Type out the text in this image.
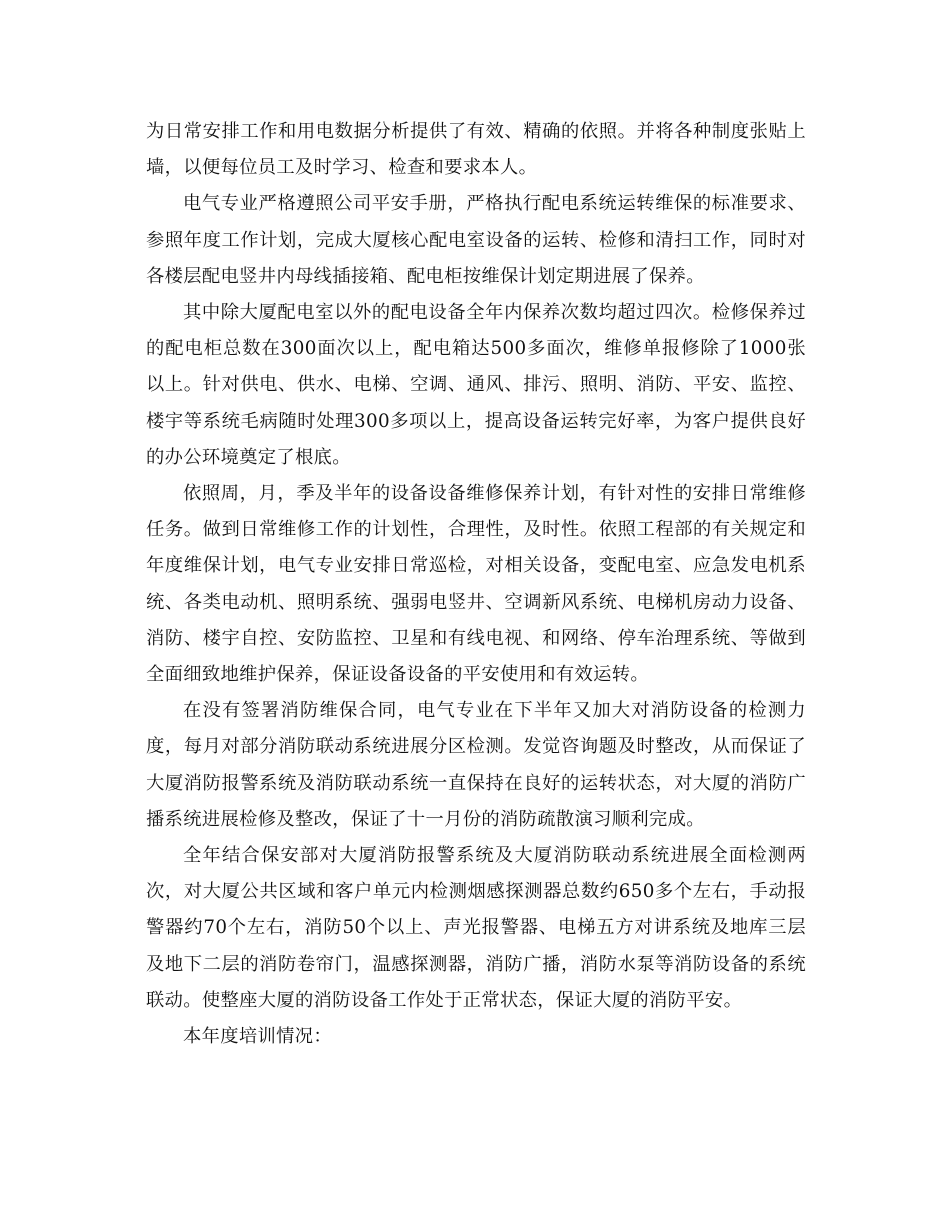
为日常安排工作和用电数据分析提供了有效、精确的依照。并将各种制度张贴上墙，以便每位员工及时学习、检查和要求本人。

电气专业严格遵照公司平安手册，严格执行配电系统运转维保的标准要求、参照年度工作计划，完成大厦核心配电室设备的运转、检修和清扫工作，同时对各楼层配电竖井内母线插接箱、配电柜按维保计划定期进展了保养。

其中除大厦配电室以外的配电设备全年内保养次数均超过四次。检修保养过的配电柜总数在300面次以上，配电箱达500多面次，维修单报修除了1000张以上。针对供电、供水、电梯、空调、通风、排污、照明、消防、平安、监控、楼宇等系统毛病随时处理300多项以上，提高设备运转完好率，为客户提供良好的办公环境奠定了根底。

依照周，月，季及半年的设备设备维修保养计划，有针对性的安排日常维修任务。做到日常维修工作的计划性，合理性，及时性。依照工程部的有关规定和年度维保计划，电气专业安排日常巡检，对相关设备，变配电室、应急发电机系统、各类电动机、照明系统、强弱电竖井、空调新风系统、电梯机房动力设备、消防、楼宇自控、安防监控、卫星和有线电视、和网络、停车治理系统、等做到全面细致地维护保养，保证设备设备的平安使用和有效运转。

在没有签署消防维保合同，电气专业在下半年又加大对消防设备的检测力度，每月对部分消防联动系统进展分区检测。发觉咨询题及时整改，从而保证了大厦消防报警系统及消防联动系统一直保持在良好的运转状态，对大厦的消防广播系统进展检修及整改，保证了十一月份的消防疏散演习顺利完成。

全年结合保安部对大厦消防报警系统及大厦消防联动系统进展全面检测两次，对大厦公共区域和客户单元内检测烟感探测器总数约650多个左右，手动报警器约70个左右，消防50个以上、声光报警器、电梯五方对讲系统及地库三层及地下二层的消防卷帘门，温感探测器，消防广播，消防水泵等消防设备的系统联动。使整座大厦的消防设备工作处于正常状态，保证大厦的消防平安。

本年度培训情况：
